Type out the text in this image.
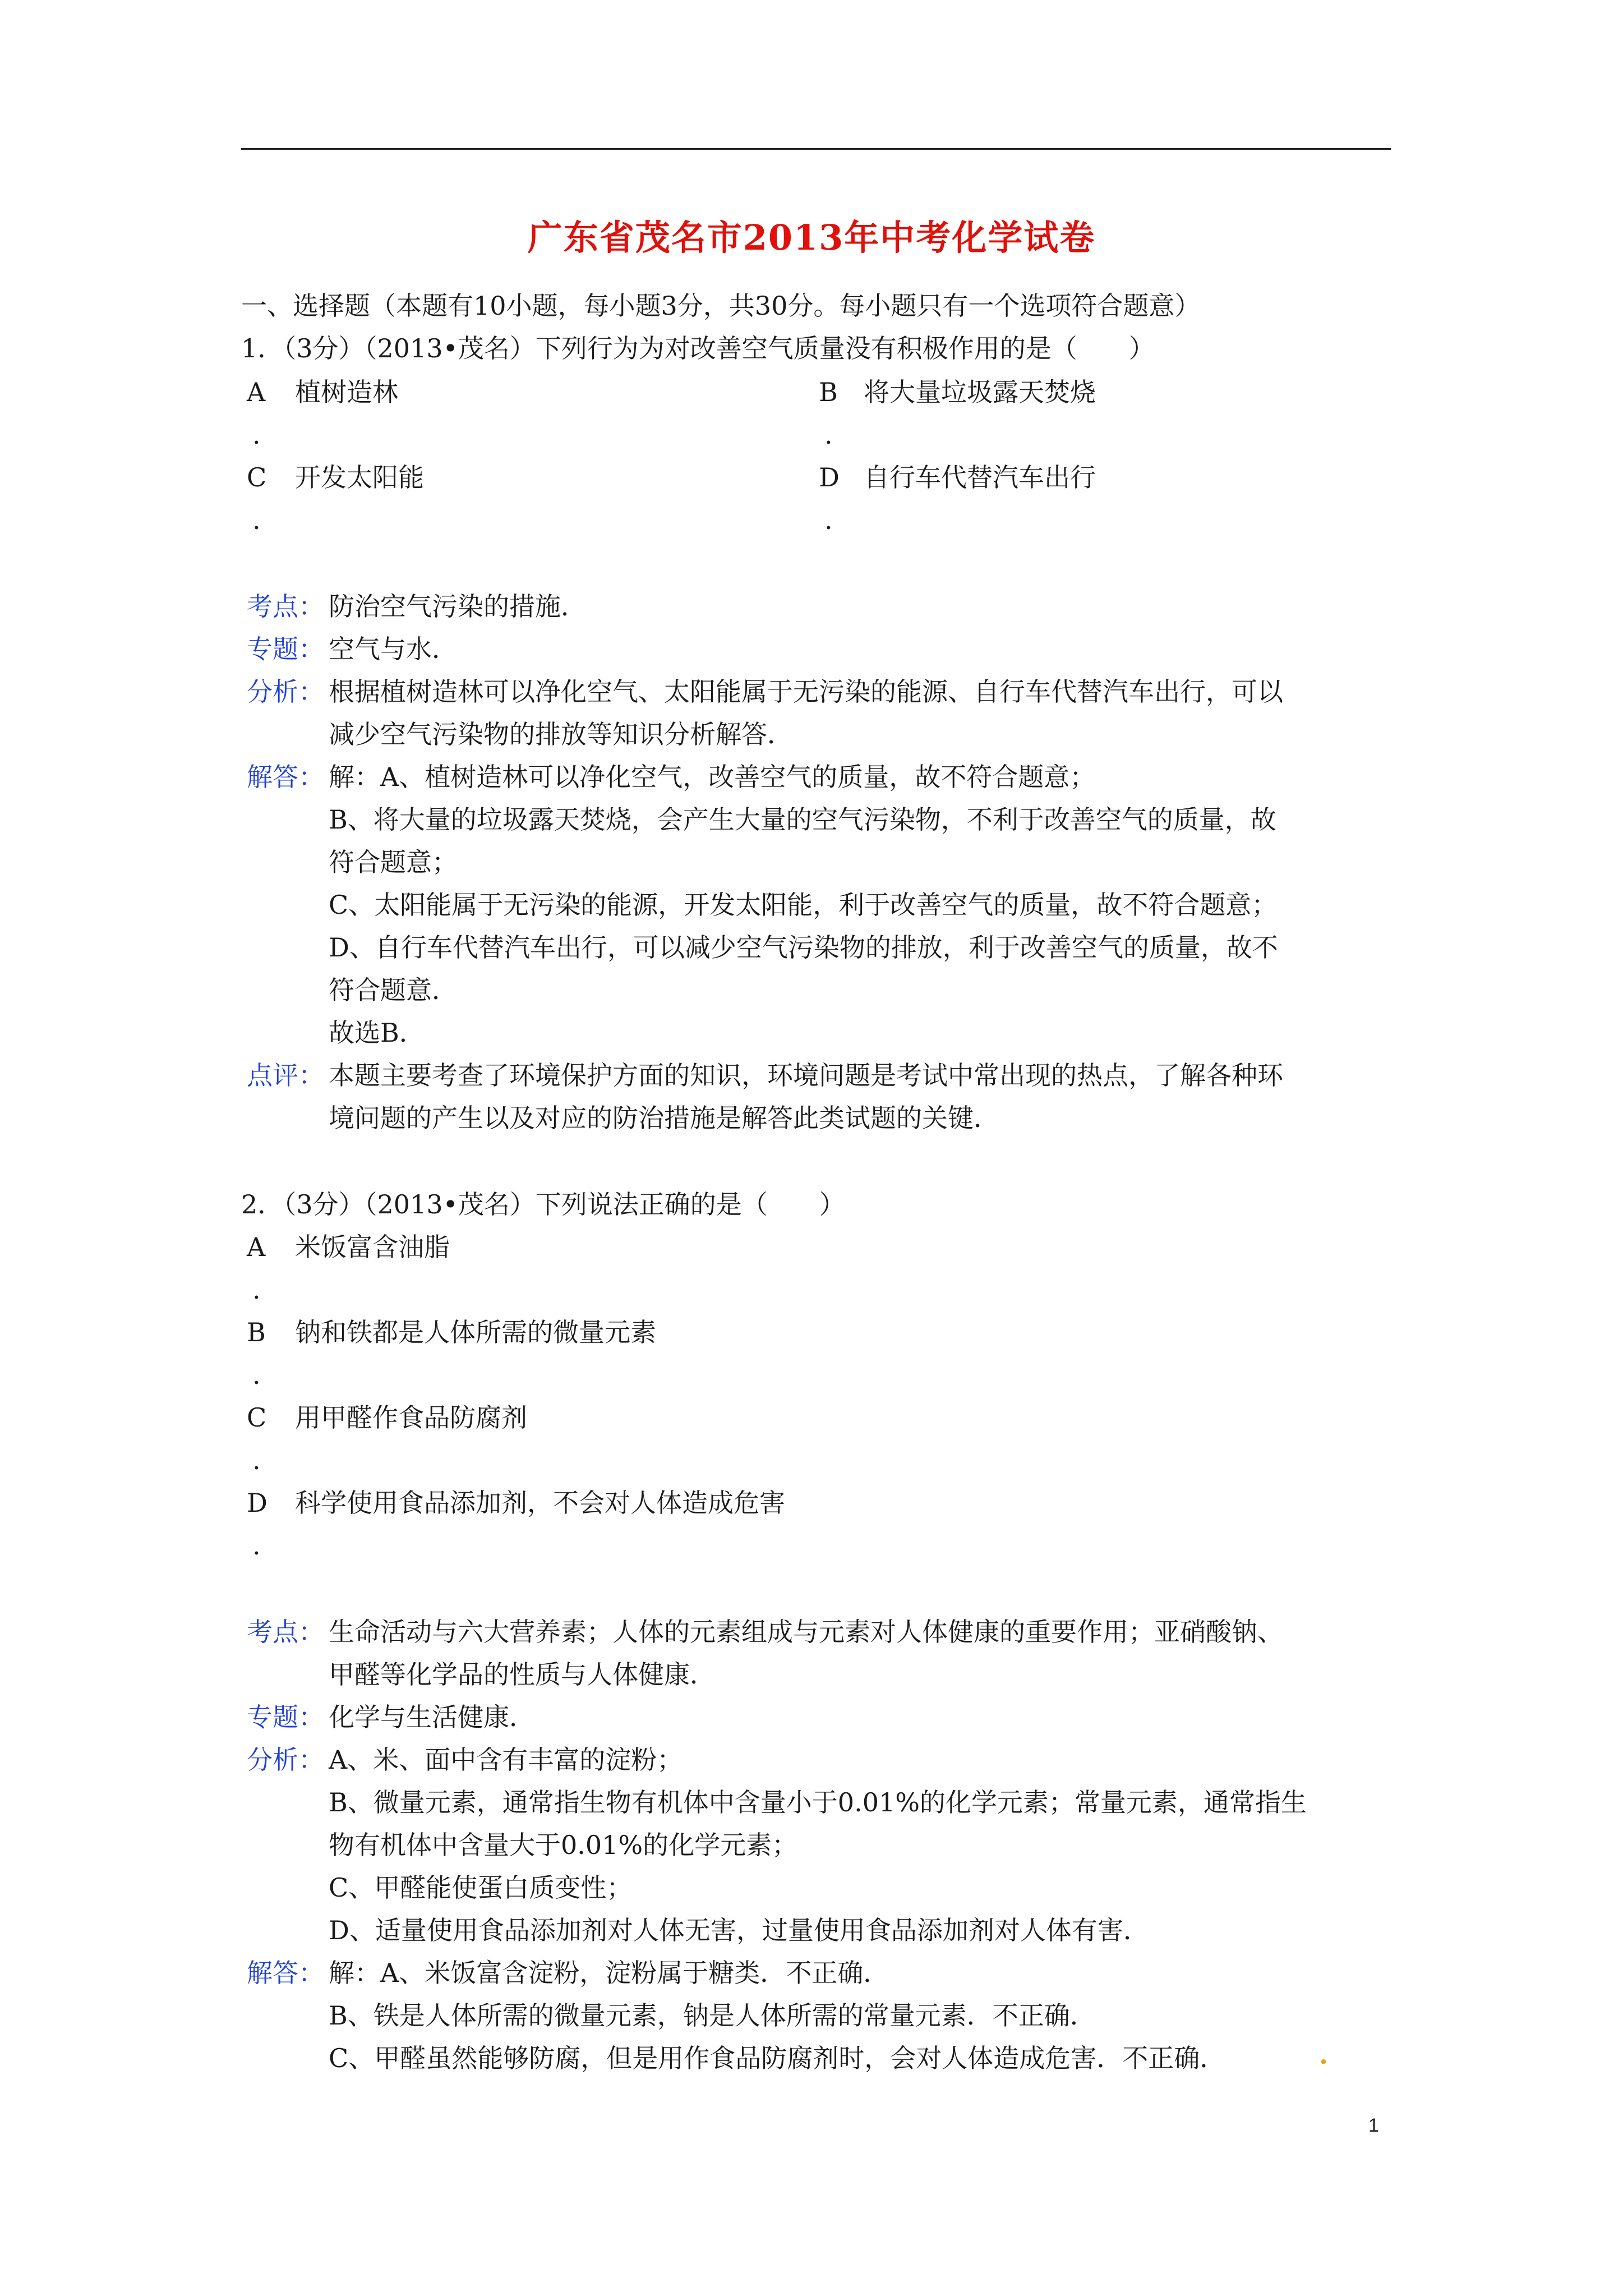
广东省茂名市2013年中考化学试卷
一、选择题（本题有10小题，每小题3分，共30分。每小题只有一个选项符合题意）
1．（3分）（2013•茂名）下列行为为对改善空气质量没有积极作用的是（　　）
A 植树造林
.
B 将大量垃圾露天焚烧
.
C 开发太阳能
.
D 自行车代替汽车出行
.
考点： 防治空气污染的措施．
专题： 空气与水．
分析： 根据植树造林可以净化空气、太阳能属于无污染的能源、自行车代替汽车出行，可以
减少空气污染物的排放等知识分析解答．
解答： 解：A、植树造林可以净化空气，改善空气的质量，故不符合题意；
B、将大量的垃圾露天焚烧，会产生大量的空气污染物，不利于改善空气的质量，故
符合题意；
C、太阳能属于无污染的能源，开发太阳能，利于改善空气的质量，故不符合题意；
D、自行车代替汽车出行，可以减少空气污染物的排放，利于改善空气的质量，故不
符合题意．
故选B．
点评： 本题主要考查了环境保护方面的知识，环境问题是考试中常出现的热点，了解各种环
境问题的产生以及对应的防治措施是解答此类试题的关键．
2．（3分）（2013•茂名）下列说法正确的是（　　）
A 米饭富含油脂
.
B 钠和铁都是人体所需的微量元素
.
C 用甲醛作食品防腐剂
.
D 科学使用食品添加剂，不会对人体造成危害
.
考点： 生命活动与六大营养素；人体的元素组成与元素对人体健康的重要作用；亚硝酸钠、
甲醛等化学品的性质与人体健康．
专题： 化学与生活健康．
分析： A、米、面中含有丰富的淀粉；
B、微量元素，通常指生物有机体中含量小于0.01%的化学元素；常量元素，通常指生
物有机体中含量大于0.01%的化学元素；
C、甲醛能使蛋白质变性；
D、适量使用食品添加剂对人体无害，过量使用食品添加剂对人体有害．
解答： 解：A、米饭富含淀粉，淀粉属于糖类．不正确．
B、铁是人体所需的微量元素，钠是人体所需的常量元素．不正确．
C、甲醛虽然能够防腐，但是用作食品防腐剂时，会对人体造成危害．不正确．	.
1
